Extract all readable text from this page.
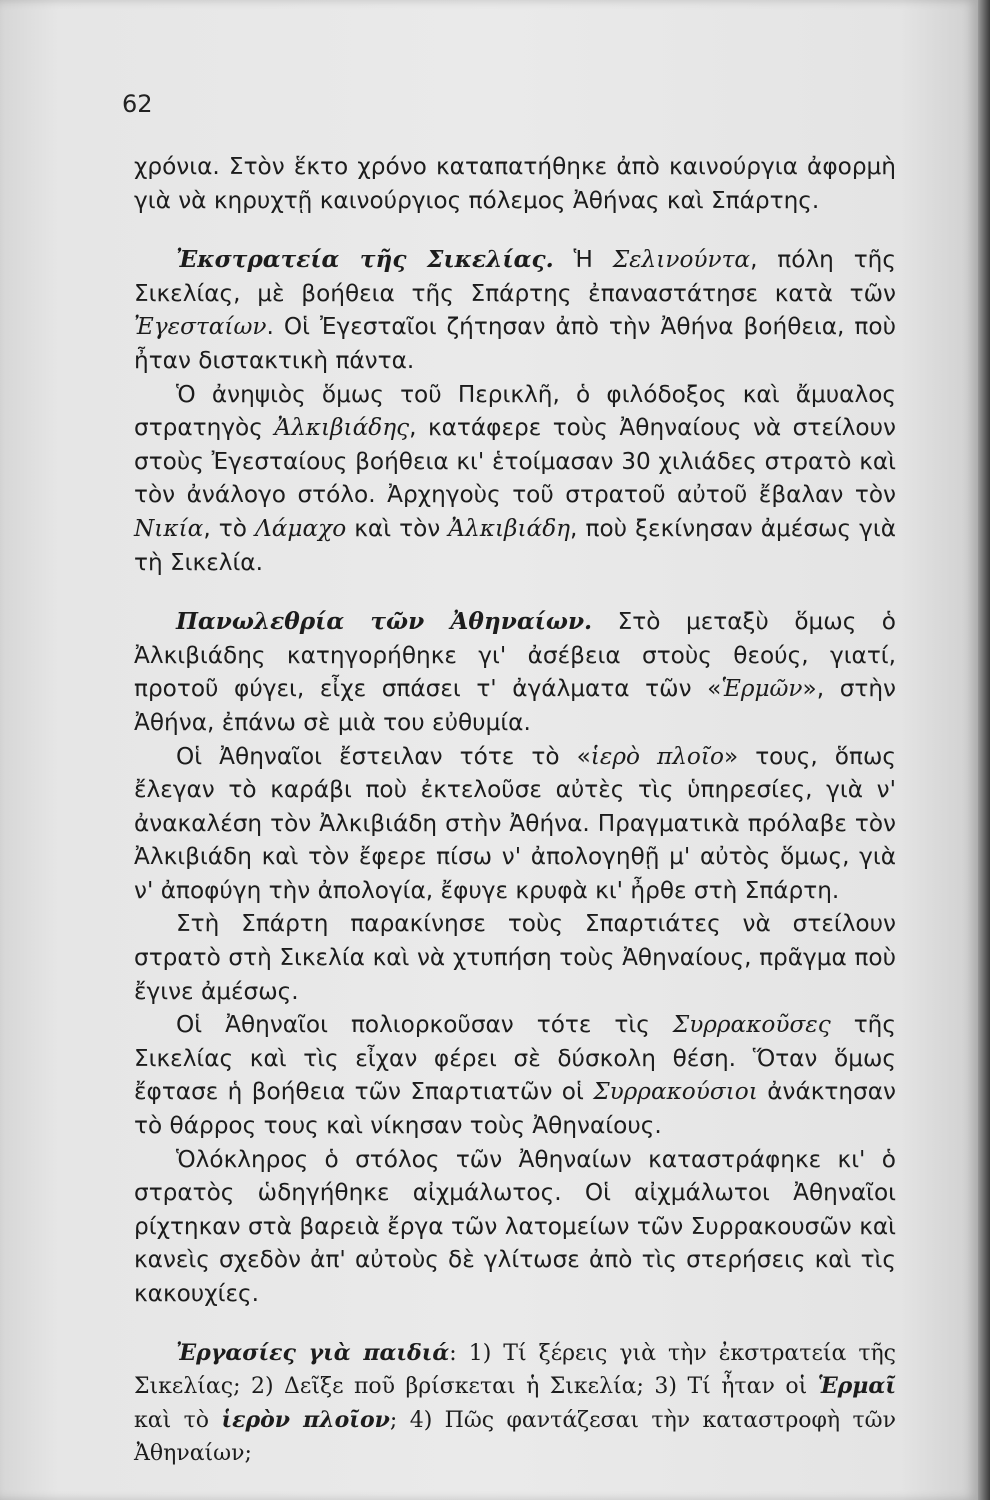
62

χρόνια. Στὸν ἕκτο χρόνο καταπατήθηκε ἀπὸ καινούργια ἀφορμὴ γιὰ νὰ κηρυχτῇ καινούργιος πόλεμος Ἀθήνας καὶ Σπάρτης.

Ἐκστρατεία τῆς Σικελίας. Ἡ Σελινούντα, πόλη τῆς Σικελίας, μὲ βοήθεια τῆς Σπάρτης ἐπαναστάτησε κατὰ τῶν Ἐγεσταίων. Οἱ Ἐγεσταῖοι ζήτησαν ἀπὸ τὴν Ἀθήνα βοήθεια, ποὺ ἦταν διστακτικὴ πάντα.

Ὁ ἀνηψιὸς ὅμως τοῦ Περικλῆ, ὁ φιλόδοξος καὶ ἄμυαλος στρατηγὸς Ἀλκιβιάδης, κατάφερε τοὺς Ἀθηναίους νὰ στείλουν στοὺς Ἐγεσταίους βοήθεια κι' ἑτοίμασαν 30 χιλιάδες στρατὸ καὶ τὸν ἀνάλογο στόλο. Ἀρχηγοὺς τοῦ στρατοῦ αὐτοῦ ἔβαλαν τὸν Νικία, τὸ Λάμαχο καὶ τὸν Ἀλκιβιάδη, ποὺ ξεκίνησαν ἀμέσως γιὰ τὴ Σικελία.

Πανωλεθρία τῶν Ἀθηναίων. Στὸ μεταξὺ ὅμως ὁ Ἀλκιβιάδης κατηγορήθηκε γι' ἀσέβεια στοὺς θεούς, γιατί, προτοῦ φύγει, εἶχε σπάσει τ' ἀγάλματα τῶν «Ἑρμῶν», στὴν Ἀθήνα, ἐπάνω σὲ μιὰ του εὐθυμία.

Οἱ Ἀθηναῖοι ἔστειλαν τότε τὸ «ἱερὸ πλοῖο» τους, ὅπως ἔλεγαν τὸ καράβι ποὺ ἐκτελοῦσε αὐτὲς τὶς ὑπηρεσίες, γιὰ ν' ἀνακαλέση τὸν Ἀλκιβιάδη στὴν Ἀθήνα. Πραγματικὰ πρόλαβε τὸν Ἀλκιβιάδη καὶ τὸν ἔφερε πίσω ν' ἀπολογηθῇ μ' αὐτὸς ὅμως, γιὰ ν' ἀποφύγη τὴν ἀπολογία, ἔφυγε κρυφὰ κι' ἦρθε στὴ Σπάρτη.

Στὴ Σπάρτη παρακίνησε τοὺς Σπαρτιάτες νὰ στείλουν στρατὸ στὴ Σικελία καὶ νὰ χτυπήση τοὺς Ἀθηναίους, πρᾶγμα ποὺ ἔγινε ἀμέσως.

Οἱ Ἀθηναῖοι πολιορκοῦσαν τότε τὶς Συρρακοῦσες τῆς Σικελίας καὶ τὶς εἶχαν φέρει σὲ δύσκολη θέση. Ὅταν ὅμως ἔφτασε ἡ βοήθεια τῶν Σπαρτιατῶν οἱ Συρρακούσιοι ἀνάκτησαν τὸ θάρρος τους καὶ νίκησαν τοὺς Ἀθηναίους.

Ὁλόκληρος ὁ στόλος τῶν Ἀθηναίων καταστράφηκε κι' ὁ στρατὸς ὡδηγήθηκε αἰχμάλωτος. Οἱ αἰχμάλωτοι Ἀθηναῖοι ρίχτηκαν στὰ βαρειὰ ἔργα τῶν λατομείων τῶν Συρρακουσῶν καὶ κανεὶς σχεδὸν ἀπ' αὐτοὺς δὲ γλίτωσε ἀπὸ τὶς στερήσεις καὶ τὶς κακουχίες.

Ἐργασίες γιὰ παιδιά: 1) Τί ξέρεις γιὰ τὴν ἐκστρατεία τῆς Σικελίας; 2) Δεῖξε ποῦ βρίσκεται ἡ Σικελία; 3) Τί ἦταν οἱ Ἑρμαῖ καὶ τὸ ἱερὸν πλοῖον; 4) Πῶς φαντάζεσαι τὴν καταστροφὴ τῶν Ἀθηναίων;
